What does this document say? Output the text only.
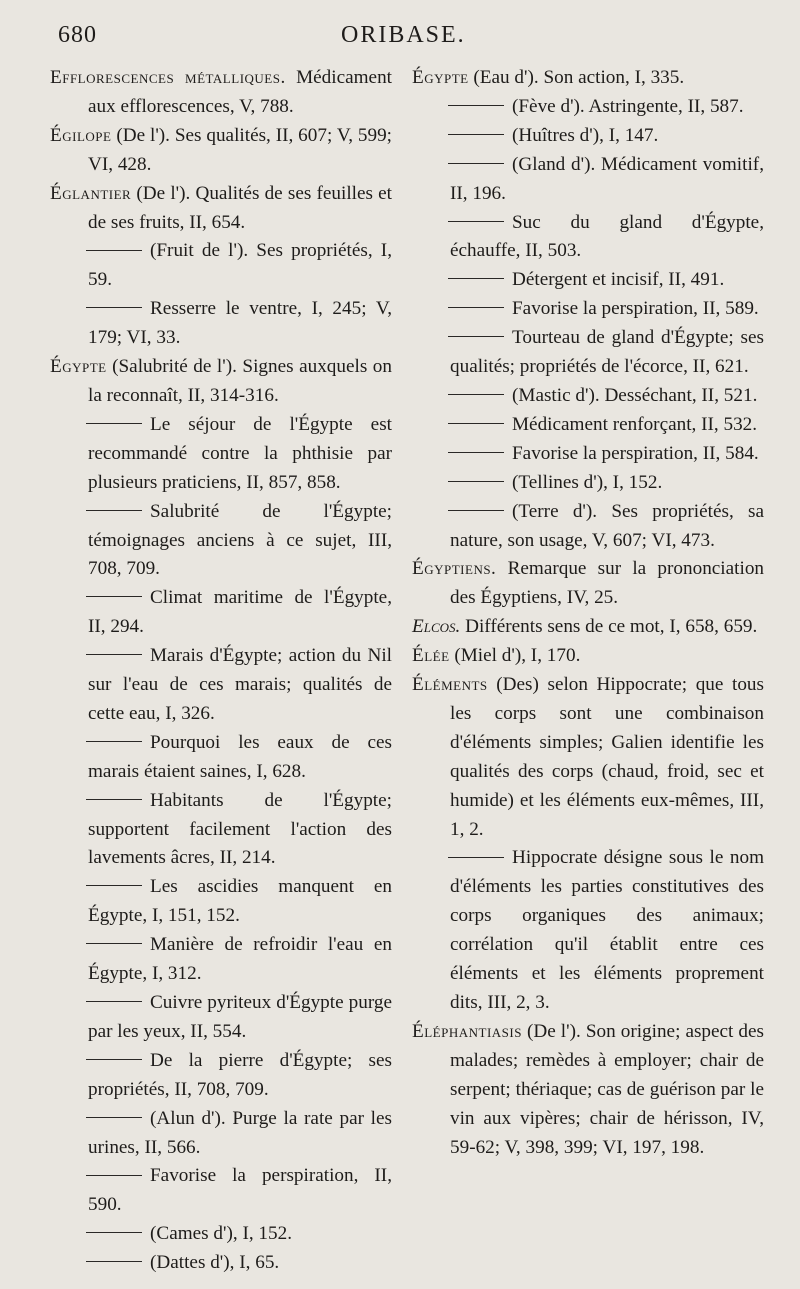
680	ORIBASE.

Efflorescences métalliques. Médicament aux efflorescences, V, 788.

Égilope (De l'). Ses qualités, II, 607; V, 599; VI, 428.

Églantier (De l'). Qualités de ses feuilles et de ses fruits, II, 654.

(Fruit de l'). Ses propriétés, I, 59.

Resserre le ventre, I, 245; V, 179; VI, 33.

Égypte (Salubrité de l'). Signes auxquels on la reconnaît, II, 314-316.

Le séjour de l'Égypte est recommandé contre la phthisie par plusieurs praticiens, II, 857, 858.

Salubrité de l'Égypte; témoignages anciens à ce sujet, III, 708, 709.

Climat maritime de l'Égypte, II, 294.

Marais d'Égypte; action du Nil sur l'eau de ces marais; qualités de cette eau, I, 326.

Pourquoi les eaux de ces marais étaient saines, I, 628.

Habitants de l'Égypte; supportent facilement l'action des lavements âcres, II, 214.

Les ascidies manquent en Égypte, I, 151, 152.

Manière de refroidir l'eau en Égypte, I, 312.

Cuivre pyriteux d'Égypte purge par les yeux, II, 554.

De la pierre d'Égypte; ses propriétés, II, 708, 709.

(Alun d'). Purge la rate par les urines, II, 566.

Favorise la perspiration, II, 590.

(Cames d'), I, 152.

(Dattes d'), I, 65.

Égypte (Eau d'). Son action, I, 335.

(Fève d'). Astringente, II, 587.

(Huîtres d'), I, 147.

(Gland d'). Médicament vomitif, II, 196.

Suc du gland d'Égypte, échauffe, II, 503.

Détergent et incisif, II, 491.

Favorise la perspiration, II, 589.

Tourteau de gland d'Égypte; ses qualités; propriétés de l'écorce, II, 621.

(Mastic d'). Desséchant, II, 521.

Médicament renforçant, II, 532.

Favorise la perspiration, II, 584.

(Tellines d'), I, 152.

(Terre d'). Ses propriétés, sa nature, son usage, V, 607; VI, 473.

Égyptiens. Remarque sur la prononciation des Égyptiens, IV, 25.

Elcos. Différents sens de ce mot, I, 658, 659.

Élée (Miel d'), I, 170.

Éléments (Des) selon Hippocrate; que tous les corps sont une combinaison d'éléments simples; Galien identifie les qualités des corps (chaud, froid, sec et humide) et les éléments eux-mêmes, III, 1, 2.

Hippocrate désigne sous le nom d'éléments les parties constitutives des corps organiques des animaux; corrélation qu'il établit entre ces éléments et les éléments proprement dits, III, 2, 3.

Éléphantiasis (De l'). Son origine; aspect des malades; remèdes à employer; chair de serpent; thériaque; cas de guérison par le vin aux vipères; chair de hérisson, IV, 59-62; V, 398, 399; VI, 197, 198.
